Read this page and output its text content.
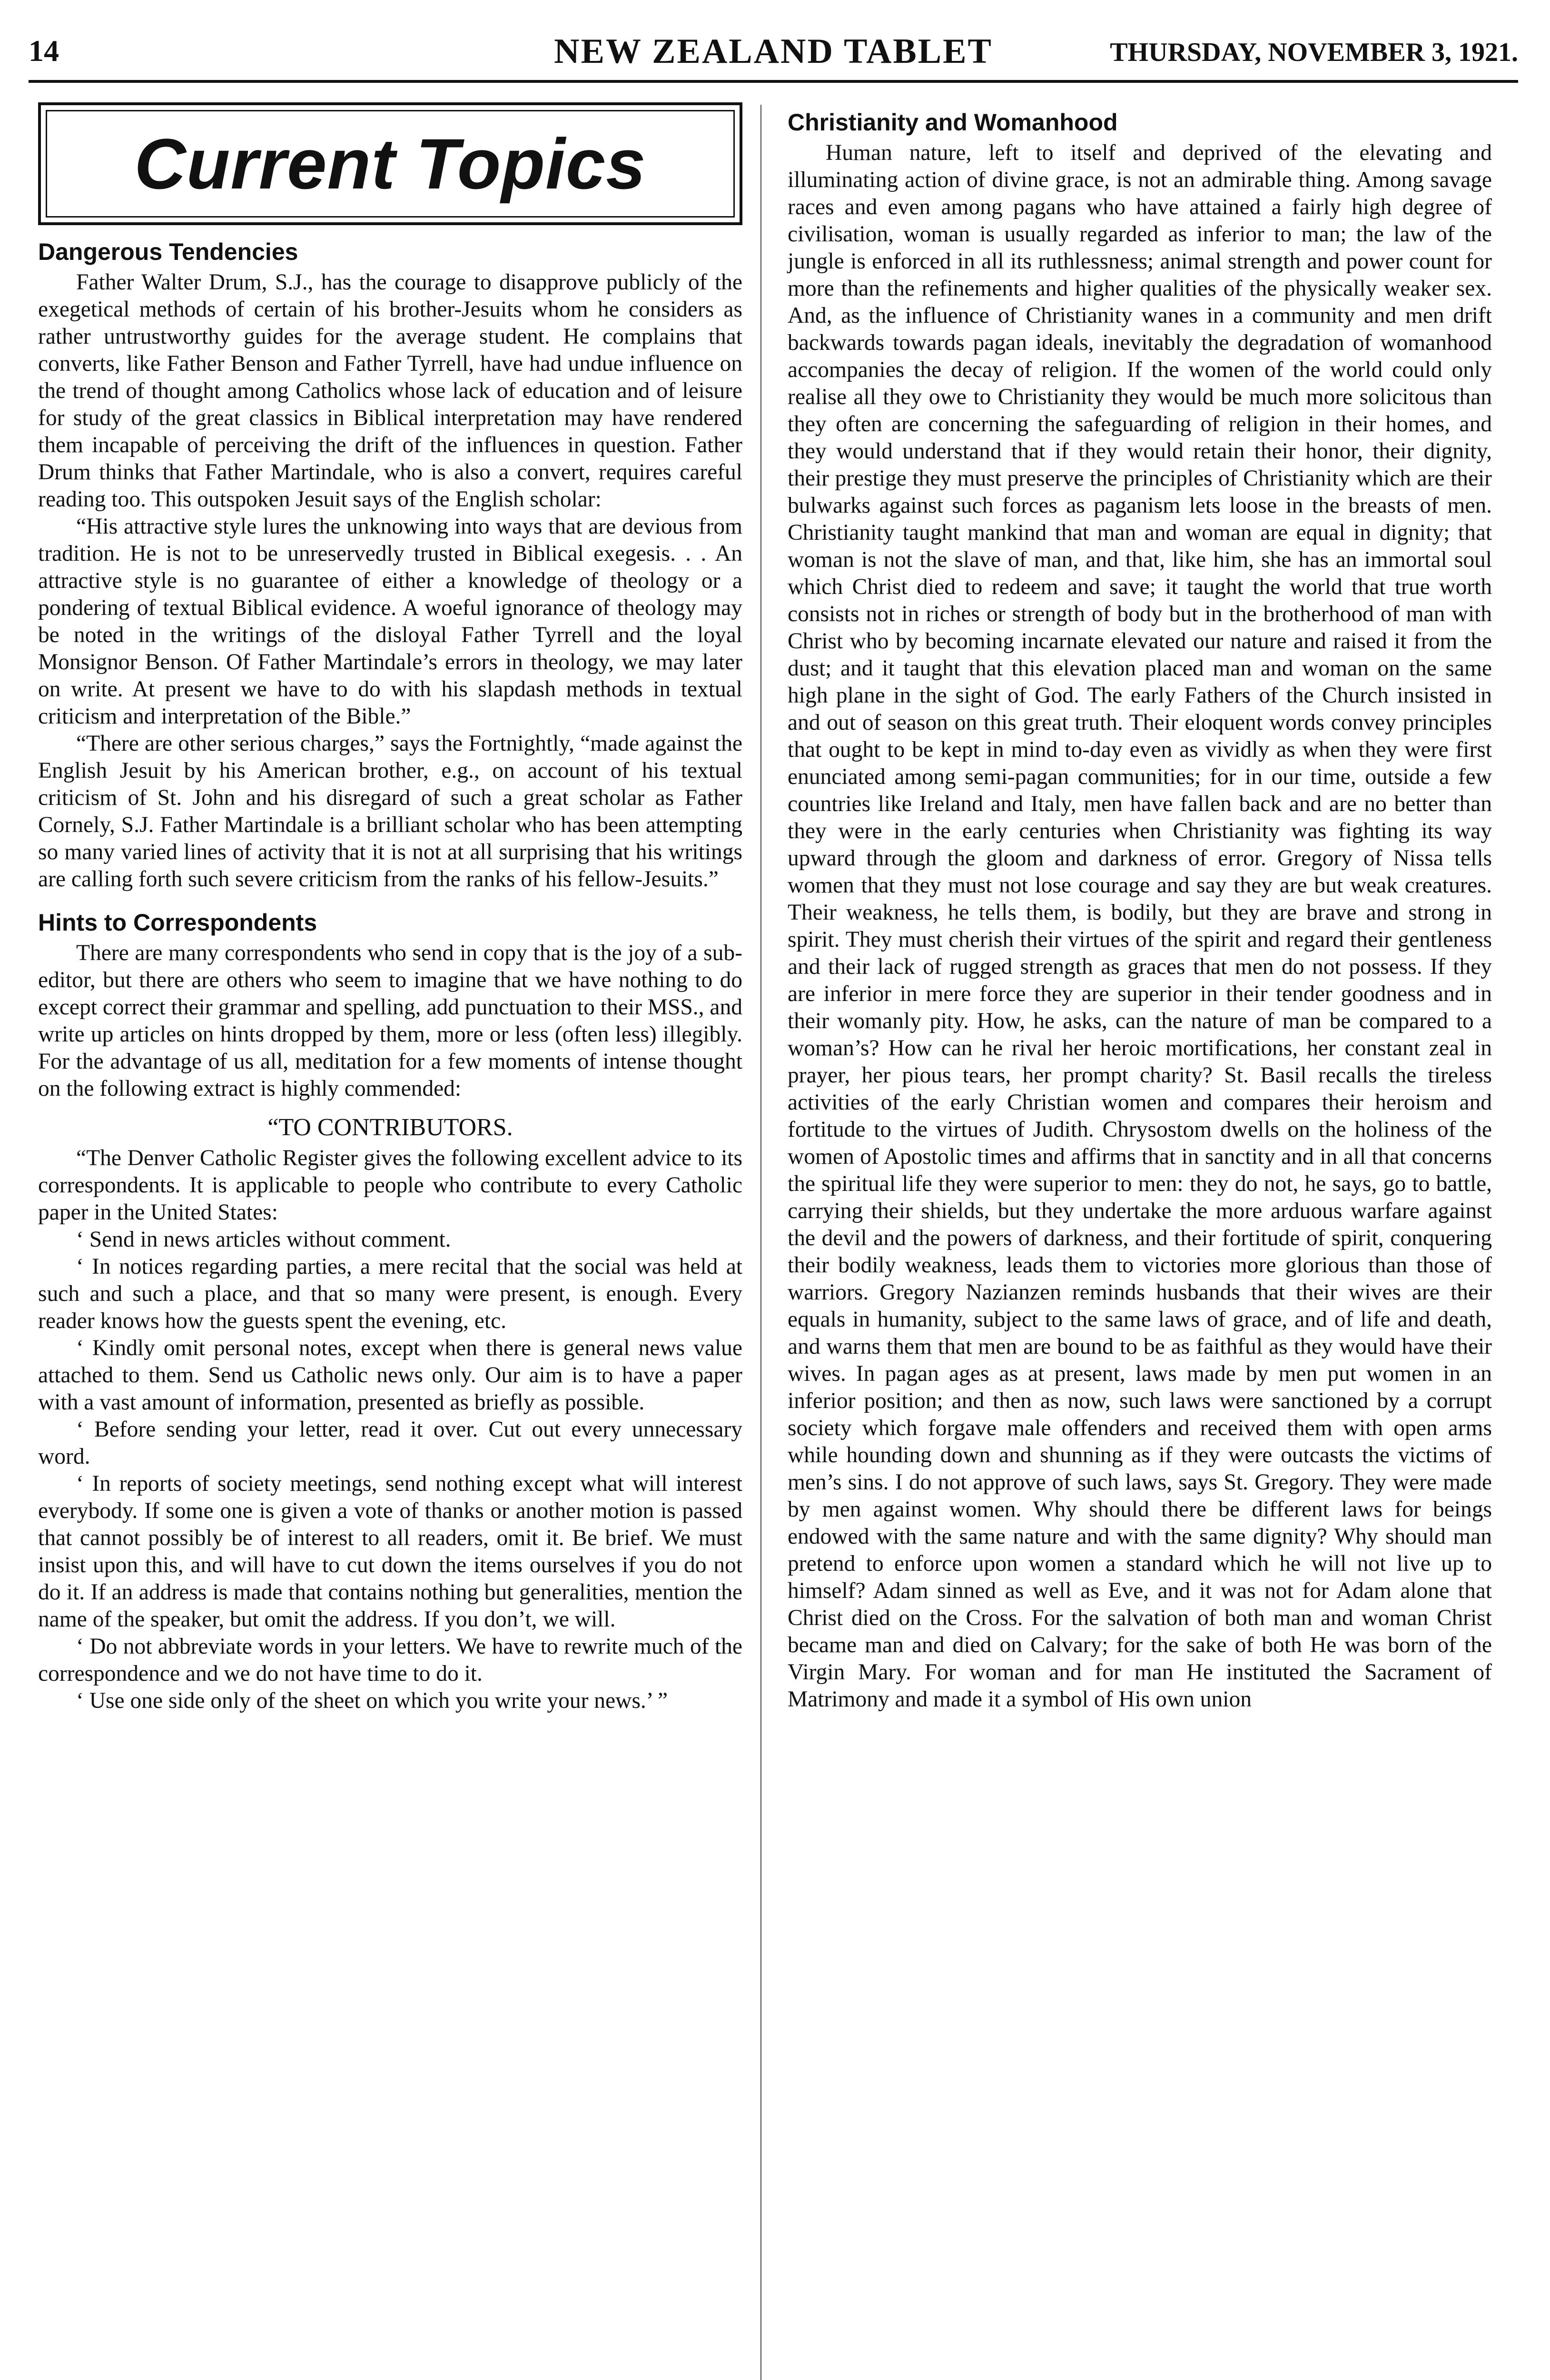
14	NEW ZEALAND TABLET	THURSDAY, NOVEMBER 3, 1921.
Current Topics
Dangerous Tendencies

Father Walter Drum, S.J., has the courage to disapprove publicly of the exegetical methods of certain of his brother-Jesuits whom he considers as rather untrustworthy guides for the average student. He complains that converts, like Father Benson and Father Tyrrell, have had undue influence on the trend of thought among Catholics whose lack of education and of leisure for study of the great classics in Biblical interpretation may have rendered them incapable of perceiving the drift of the influences in question. Father Drum thinks that Father Martindale, who is also a convert, requires careful reading too. This outspoken Jesuit says of the English scholar:

“His attractive style lures the unknowing into ways that are devious from tradition. He is not to be unreservedly trusted in Biblical exegesis. . . An attractive style is no guarantee of either a knowledge of theology or a pondering of textual Biblical evidence. A woeful ignorance of theology may be noted in the writings of the disloyal Father Tyrrell and the loyal Monsignor Benson. Of Father Martindale’s errors in theology, we may later on write. At present we have to do with his slapdash methods in textual criticism and interpretation of the Bible.”

“There are other serious charges,” says the Fortnightly, “made against the English Jesuit by his American brother, e.g., on account of his textual criticism of St. John and his disregard of such a great scholar as Father Cornely, S.J. Father Martindale is a brilliant scholar who has been attempting so many varied lines of activity that it is not at all surprising that his writings are calling forth such severe criticism from the ranks of his fellow-Jesuits.”

Hints to Correspondents

There are many correspondents who send in copy that is the joy of a sub-editor, but there are others who seem to imagine that we have nothing to do except correct their grammar and spelling, add punctuation to their MSS., and write up articles on hints dropped by them, more or less (often less) illegibly. For the advantage of us all, meditation for a few moments of intense thought on the following extract is highly commended:

“TO CONTRIBUTORS.

“The Denver Catholic Register gives the following excellent advice to its correspondents. It is applicable to people who contribute to every Catholic paper in the United States:

‘ Send in news articles without comment.

‘ In notices regarding parties, a mere recital that the social was held at such and such a place, and that so many were present, is enough. Every reader knows how the guests spent the evening, etc.

‘ Kindly omit personal notes, except when there is general news value attached to them. Send us Catholic news only. Our aim is to have a paper with a vast amount of information, presented as briefly as possible.

‘ Before sending your letter, read it over. Cut out every unnecessary word.

‘ In reports of society meetings, send nothing except what will interest everybody. If some one is given a vote of thanks or another motion is passed that cannot possibly be of interest to all readers, omit it. Be brief. We must insist upon this, and will have to cut down the items ourselves if you do not do it. If an address is made that contains nothing but generalities, mention the name of the speaker, but omit the address. If you don’t, we will.

‘ Do not abbreviate words in your letters. We have to rewrite much of the correspondence and we do not have time to do it.

‘ Use one side only of the sheet on which you write your news.’ ”

Christianity and Womanhood

Human nature, left to itself and deprived of the elevating and illuminating action of divine grace, is not an admirable thing. Among savage races and even among pagans who have attained a fairly high degree of civilisation, woman is usually regarded as inferior to man; the law of the jungle is enforced in all its ruthlessness; animal strength and power count for more than the refinements and higher qualities of the physically weaker sex. And, as the influence of Christianity wanes in a community and men drift backwards towards pagan ideals, inevitably the degradation of womanhood accompanies the decay of religion. If the women of the world could only realise all they owe to Christianity they would be much more solicitous than they often are concerning the safeguarding of religion in their homes, and they would understand that if they would retain their honor, their dignity, their prestige they must preserve the principles of Christianity which are their bulwarks against such forces as paganism lets loose in the breasts of men. Christianity taught mankind that man and woman are equal in dignity; that woman is not the slave of man, and that, like him, she has an immortal soul which Christ died to redeem and save; it taught the world that true worth consists not in riches or strength of body but in the brotherhood of man with Christ who by becoming incarnate elevated our nature and raised it from the dust; and it taught that this elevation placed man and woman on the same high plane in the sight of God. The early Fathers of the Church insisted in and out of season on this great truth. Their eloquent words convey principles that ought to be kept in mind to-day even as vividly as when they were first enunciated among semi-pagan communities; for in our time, outside a few countries like Ireland and Italy, men have fallen back and are no better than they were in the early centuries when Christianity was fighting its way upward through the gloom and darkness of error. Gregory of Nissa tells women that they must not lose courage and say they are but weak creatures. Their weakness, he tells them, is bodily, but they are brave and strong in spirit. They must cherish their virtues of the spirit and regard their gentleness and their lack of rugged strength as graces that men do not possess. If they are inferior in mere force they are superior in their tender goodness and in their womanly pity. How, he asks, can the nature of man be compared to a woman’s? How can he rival her heroic mortifications, her constant zeal in prayer, her pious tears, her prompt charity? St. Basil recalls the tireless activities of the early Christian women and compares their heroism and fortitude to the virtues of Judith. Chrysostom dwells on the holiness of the women of Apostolic times and affirms that in sanctity and in all that concerns the spiritual life they were superior to men: they do not, he says, go to battle, carrying their shields, but they undertake the more arduous warfare against the devil and the powers of darkness, and their fortitude of spirit, conquering their bodily weakness, leads them to victories more glorious than those of warriors. Gregory Nazianzen reminds husbands that their wives are their equals in humanity, subject to the same laws of grace, and of life and death, and warns them that men are bound to be as faithful as they would have their wives. In pagan ages as at present, laws made by men put women in an inferior position; and then as now, such laws were sanctioned by a corrupt society which forgave male offenders and received them with open arms while hounding down and shunning as if they were outcasts the victims of men’s sins. I do not approve of such laws, says St. Gregory. They were made by men against women. Why should there be different laws for beings endowed with the same nature and with the same dignity? Why should man pretend to enforce upon women a standard which he will not live up to himself? Adam sinned as well as Eve, and it was not for Adam alone that Christ died on the Cross. For the salvation of both man and woman Christ became man and died on Calvary; for the sake of both He was born of the Virgin Mary. For woman and for man He instituted the Sacrament of Matrimony and made it a symbol of His own union
